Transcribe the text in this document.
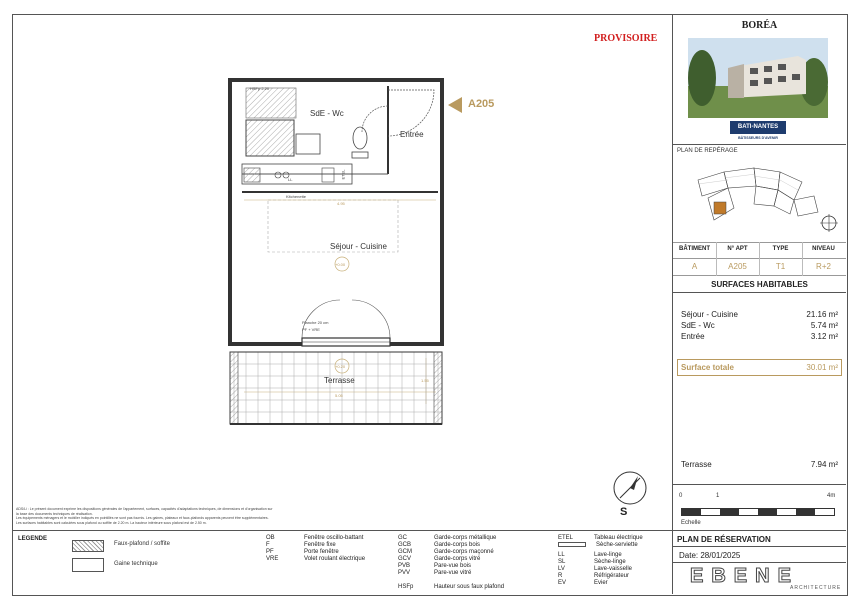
PROVISOIRE
HSFp 2.20
SdE - Wc
Entrée
Séjour - Cuisine
Terrasse
LL	ETEL
Kitchenette
4.95
5.05
1.55
+0.00
+0.20
Planche 20 cm
PF + VRE
A205
S
ADS/Li : Le présent document exprime les dispositions générales de l'appartement, surfaces, capacités d'adaptations techniques, de dimensions et d'organisation sur
la base des documents techniques de réalisation.
Les équipements ménagers et le mobilier indiqués en pointillés ne sont pas fournis. Les gaines, plateaux et faux-plafonds apparents peuvent être supplémentaires.
Les surfaces habitables sont calculées sous plafond ou soffite de 2.20 m. La hauteur intérieure sous plafond est de 2.50 m.
LEGENDE
Faux-plafond / soffite
Gaine technique
OB	Fenêtre oscillo-battant
F	Fenêtre fixe
PF	Porte fenêtre
VRE	Volet roulant électrique
GC	Garde-corps métallique
GCB	Garde-corps bois
GCM	Garde-corps maçonné
GCV	Garde-corps vitré
PVB	Pare-vue bois
PVV	Pare-vue vitré
HSFp	Hauteur sous faux plafond
ETEL	Tableau électrique
Sèche-serviette
LL	Lave-linge
SL	Sèche-linge
LV	Lave-vaisselle
R	Réfrigérateur
EV	Evier
BORÉA
BATI-NANTES
BÂTISSEURS D'AVENIR
PLAN DE REPÉRAGE
BÂTIMENT	N° APT	TYPE	NIVEAU
A	A205	T1	R+2
SURFACES HABITABLES
Séjour - Cuisine	21.16 m²
SdE - Wc	5.74 m²
Entrée	3.12 m²
Surface totale	30.01 m²
Terrasse	7.94 m²
0	1	4m
Echelle
PLAN DE RÉSERVATION
Date: 28/01/2025
EBENE
ARCHITECTURE
